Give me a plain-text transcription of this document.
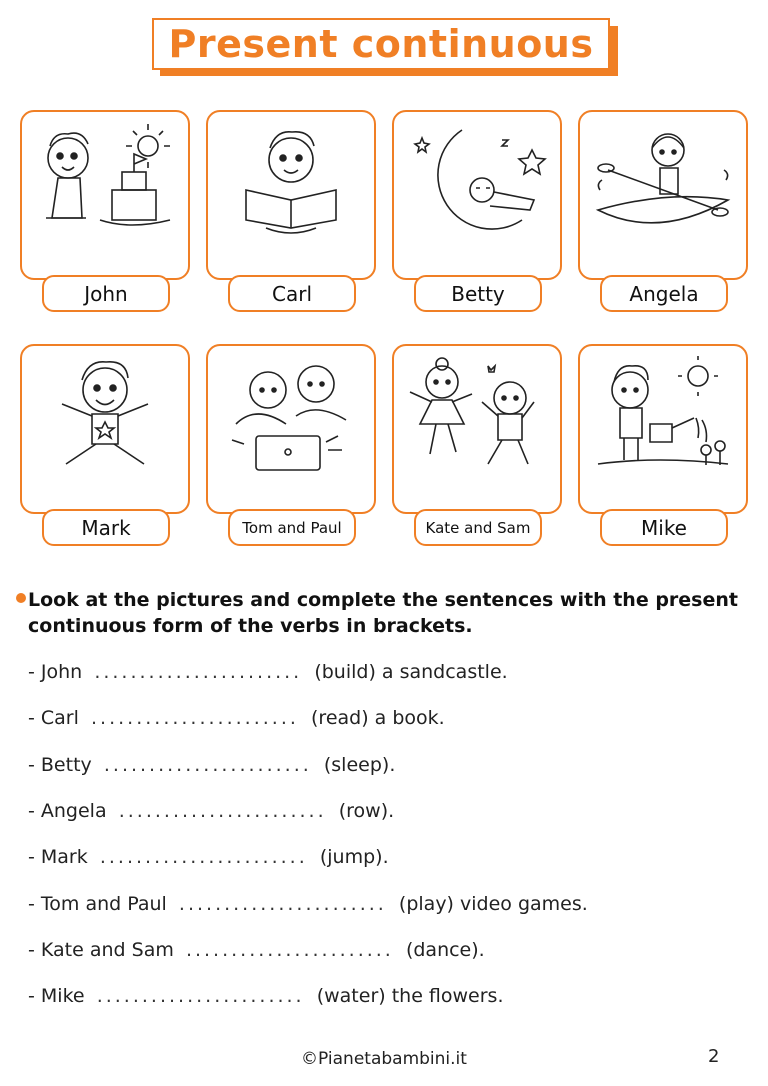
Present continuous
John	Carl	Betty	Angela
Mark	Tom and Paul	Kate and Sam	Mike
Look at the pictures and complete the sentences with the present continuous form of the verbs in brackets.
- John ....................... (build) a sandcastle.
- Carl ....................... (read) a book.
- Betty ....................... (sleep).
- Angela ....................... (row).
- Mark ....................... (jump).
- Tom and Paul ....................... (play) video games.
- Kate and Sam ....................... (dance).
- Mike ....................... (water) the flowers.
©Pianetabambini.it	2
